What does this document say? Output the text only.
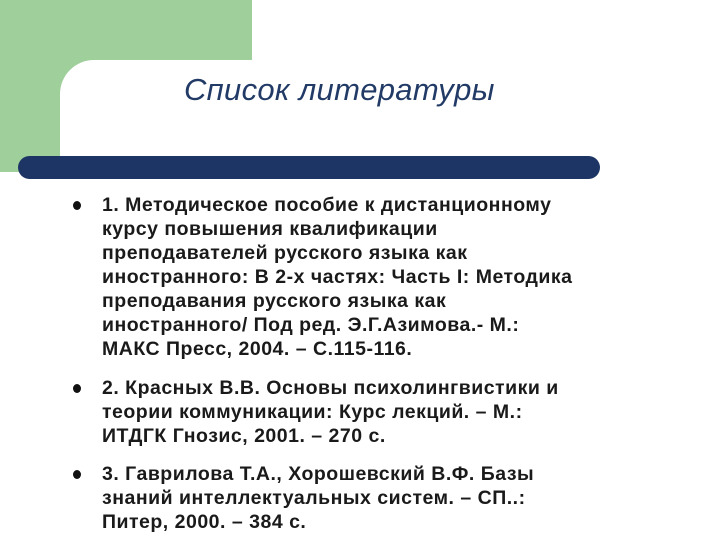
Список литературы
1. Методическое пособие к дистанционному
курсу повышения квалификации
преподавателей русского языка как
иностранного: В 2-х частях: Часть I: Методика
преподавания русского языка как
иностранного/ Под ред. Э.Г.Азимова.- М.:
МАКС Пресс, 2004. – С.115-116.
2. Красных В.В. Основы психолингвистики и
теории коммуникации: Курс лекций. – М.:
ИТДГК Гнозис, 2001. – 270 с.
3. Гаврилова Т.А., Хорошевский В.Ф. Базы
знаний интеллектуальных систем. – СП..:
Питер, 2000. – 384 с.
